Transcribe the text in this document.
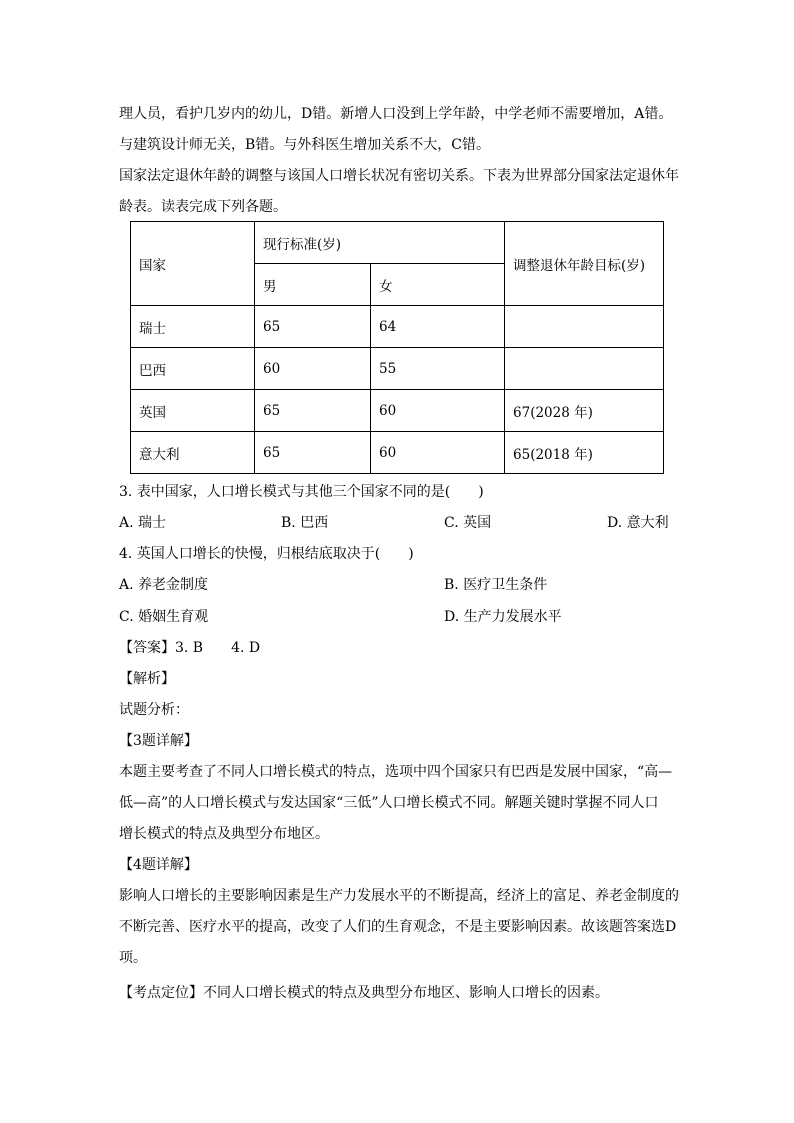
理人员，看护几岁内的幼儿，D错。新增人口没到上学年龄，中学老师不需要增加，A错。
与建筑设计师无关，B错。与外科医生增加关系不大，C错。
国家法定退休年龄的调整与该国人口增长状况有密切关系。下表为世界部分国家法定退休年
龄表。读表完成下列各题。
国家	现行标准(岁)		调整退休年龄目标(岁)
	男	女	
瑞士	65	64	
巴西	60	55	
英国	65	60	67(2028 年)
意大利	65	60	65(2018 年)
3. 表中国家，人口增长模式与其他三个国家不同的是(　　)
A. 瑞士	B. 巴西	C. 英国	D. 意大利
4. 英国人口增长的快慢，归根结底取决于(　　)
A. 养老金制度	B. 医疗卫生条件
C. 婚姻生育观	D. 生产力发展水平
【答案】3. B　　4. D
【解析】
试题分析：
【3题详解】
本题主要考查了不同人口增长模式的特点，选项中四个国家只有巴西是发展中国家，“高—
低—高”的人口增长模式与发达国家“三低”人口增长模式不同。解题关键时掌握不同人口
增长模式的特点及典型分布地区。
【4题详解】
影响人口增长的主要影响因素是生产力发展水平的不断提高，经济上的富足、养老金制度的
不断完善、医疗水平的提高，改变了人们的生育观念，不是主要影响因素。故该题答案选D
项。
【考点定位】不同人口增长模式的特点及典型分布地区、影响人口增长的因素。
